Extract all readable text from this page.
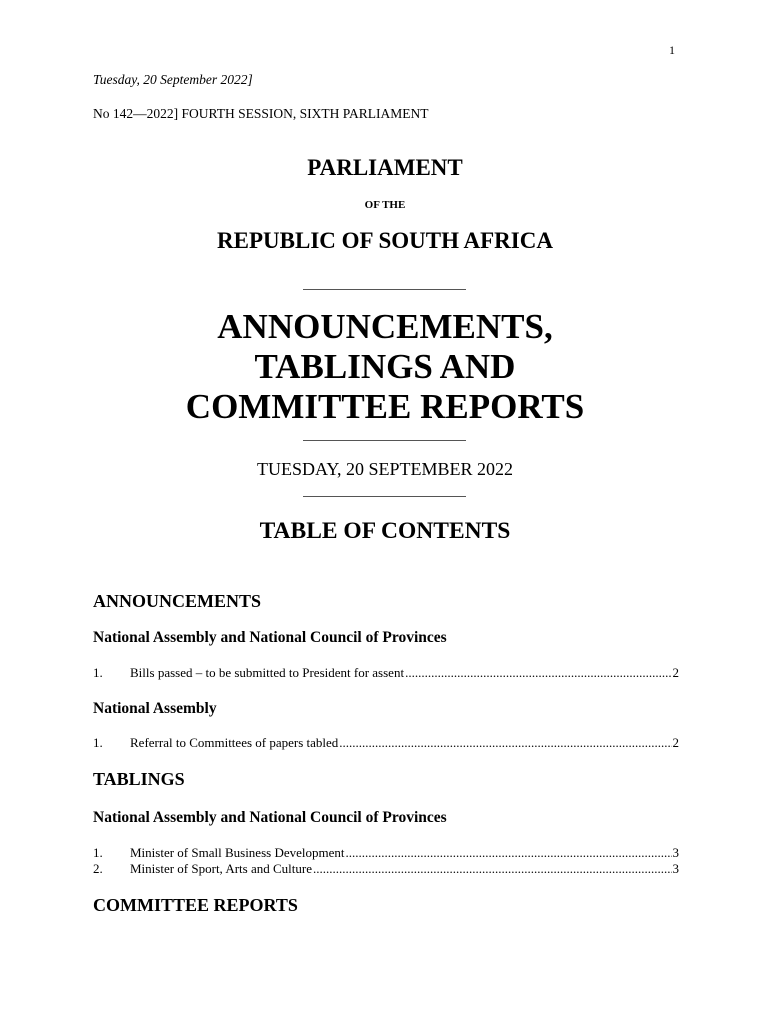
1
Tuesday, 20 September 2022]
No 142—2022] FOURTH SESSION, SIXTH PARLIAMENT
PARLIAMENT
OF THE
REPUBLIC OF SOUTH AFRICA
ANNOUNCEMENTS,
TABLINGS AND
COMMITTEE REPORTS
TUESDAY, 20 SEPTEMBER 2022
TABLE OF CONTENTS
ANNOUNCEMENTS
National Assembly and National Council of Provinces
1.	Bills passed – to be submitted to President for assent .....	2
National Assembly
1.	Referral to Committees of papers tabled .....	2
TABLINGS
National Assembly and National Council of Provinces
1.	Minister of Small Business Development .....	3
2.	Minister of Sport, Arts and Culture .....	3
COMMITTEE REPORTS
